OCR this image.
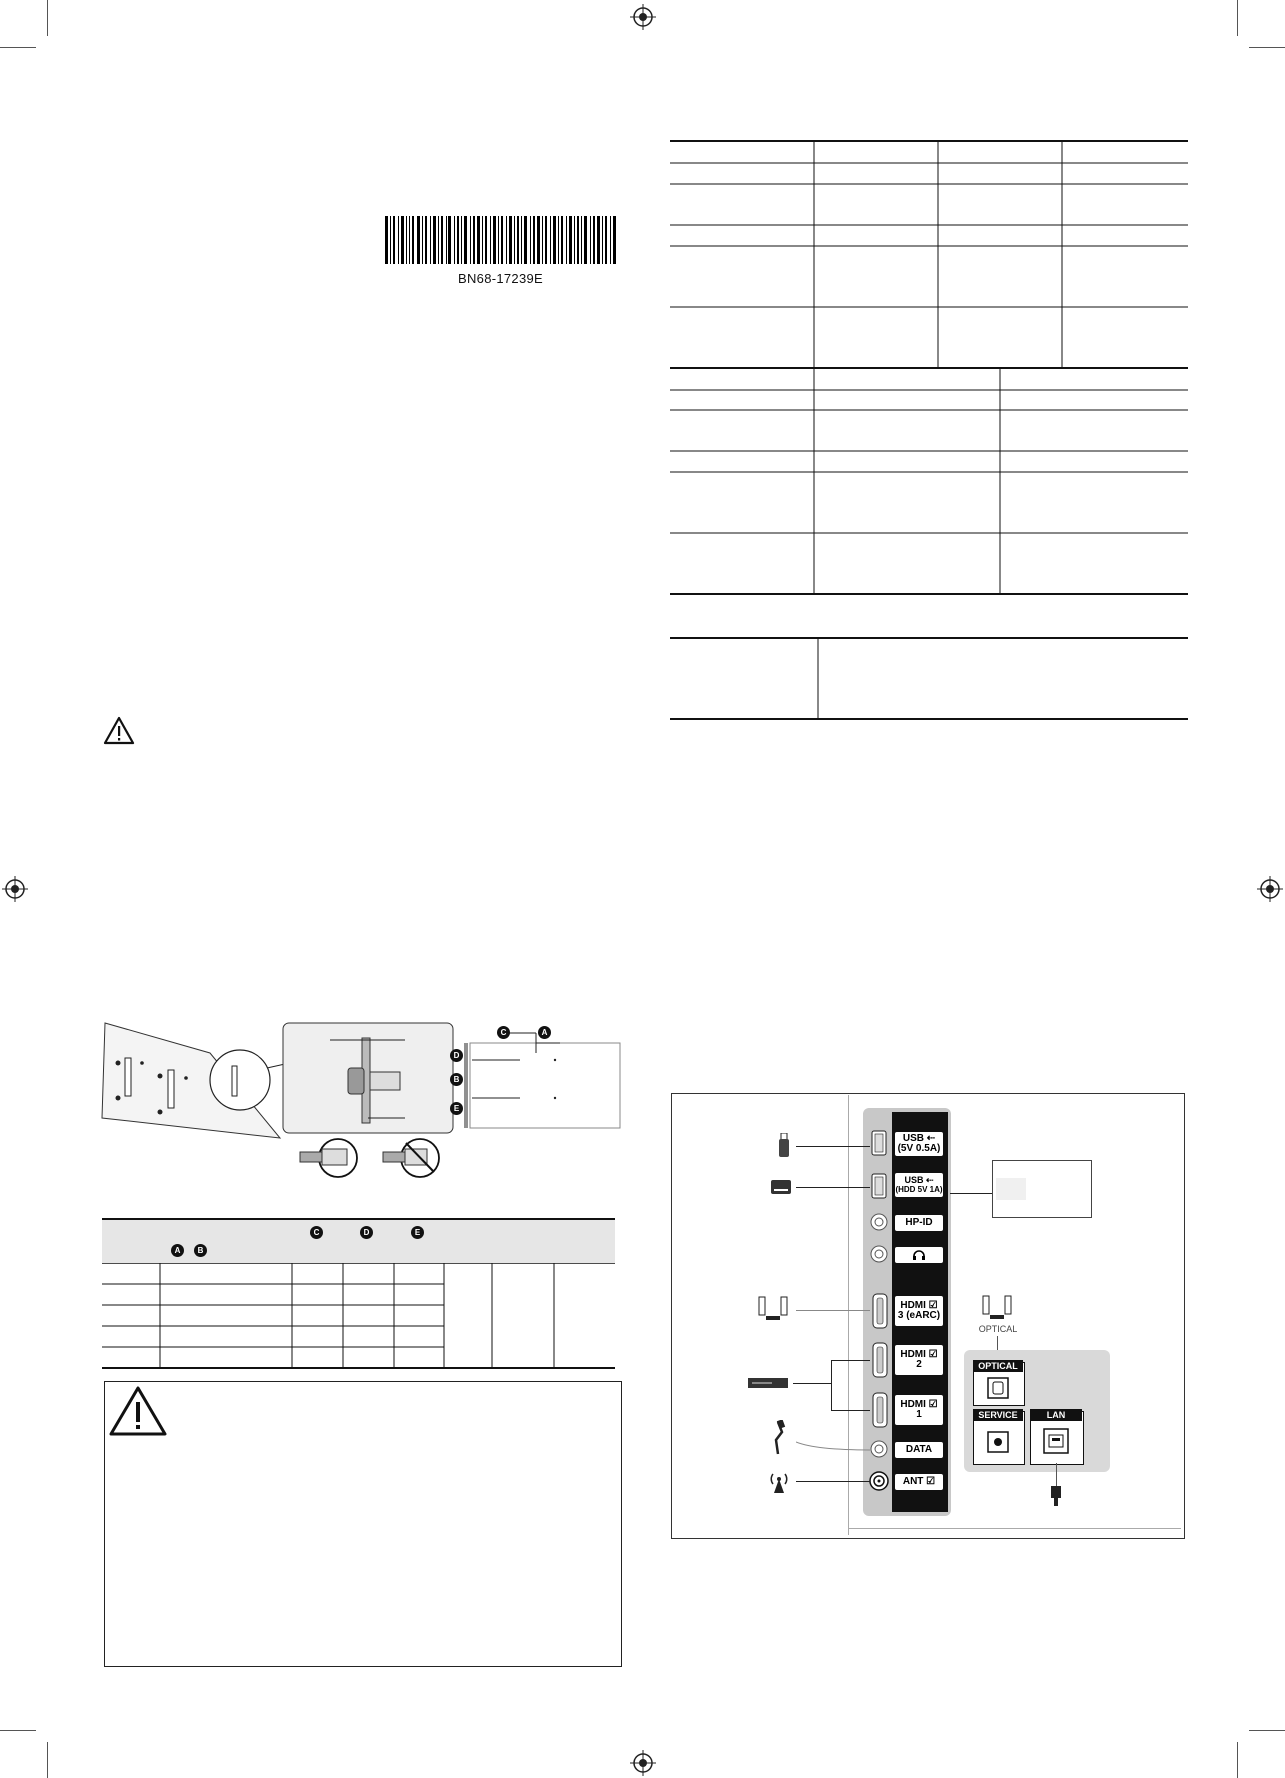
BN68-17239E
C	A
D
B
E
C	D	E
A	B
USB ⇠
(5V 0.5A)
USB ⇠
(HDD 5V 1A)
HP-ID
HDMI ☑
3 (eARC)
HDMI ☑
2
HDMI ☑
1
DATA
ANT ☑
OPTICAL
OPTICAL
SERVICE	LAN
